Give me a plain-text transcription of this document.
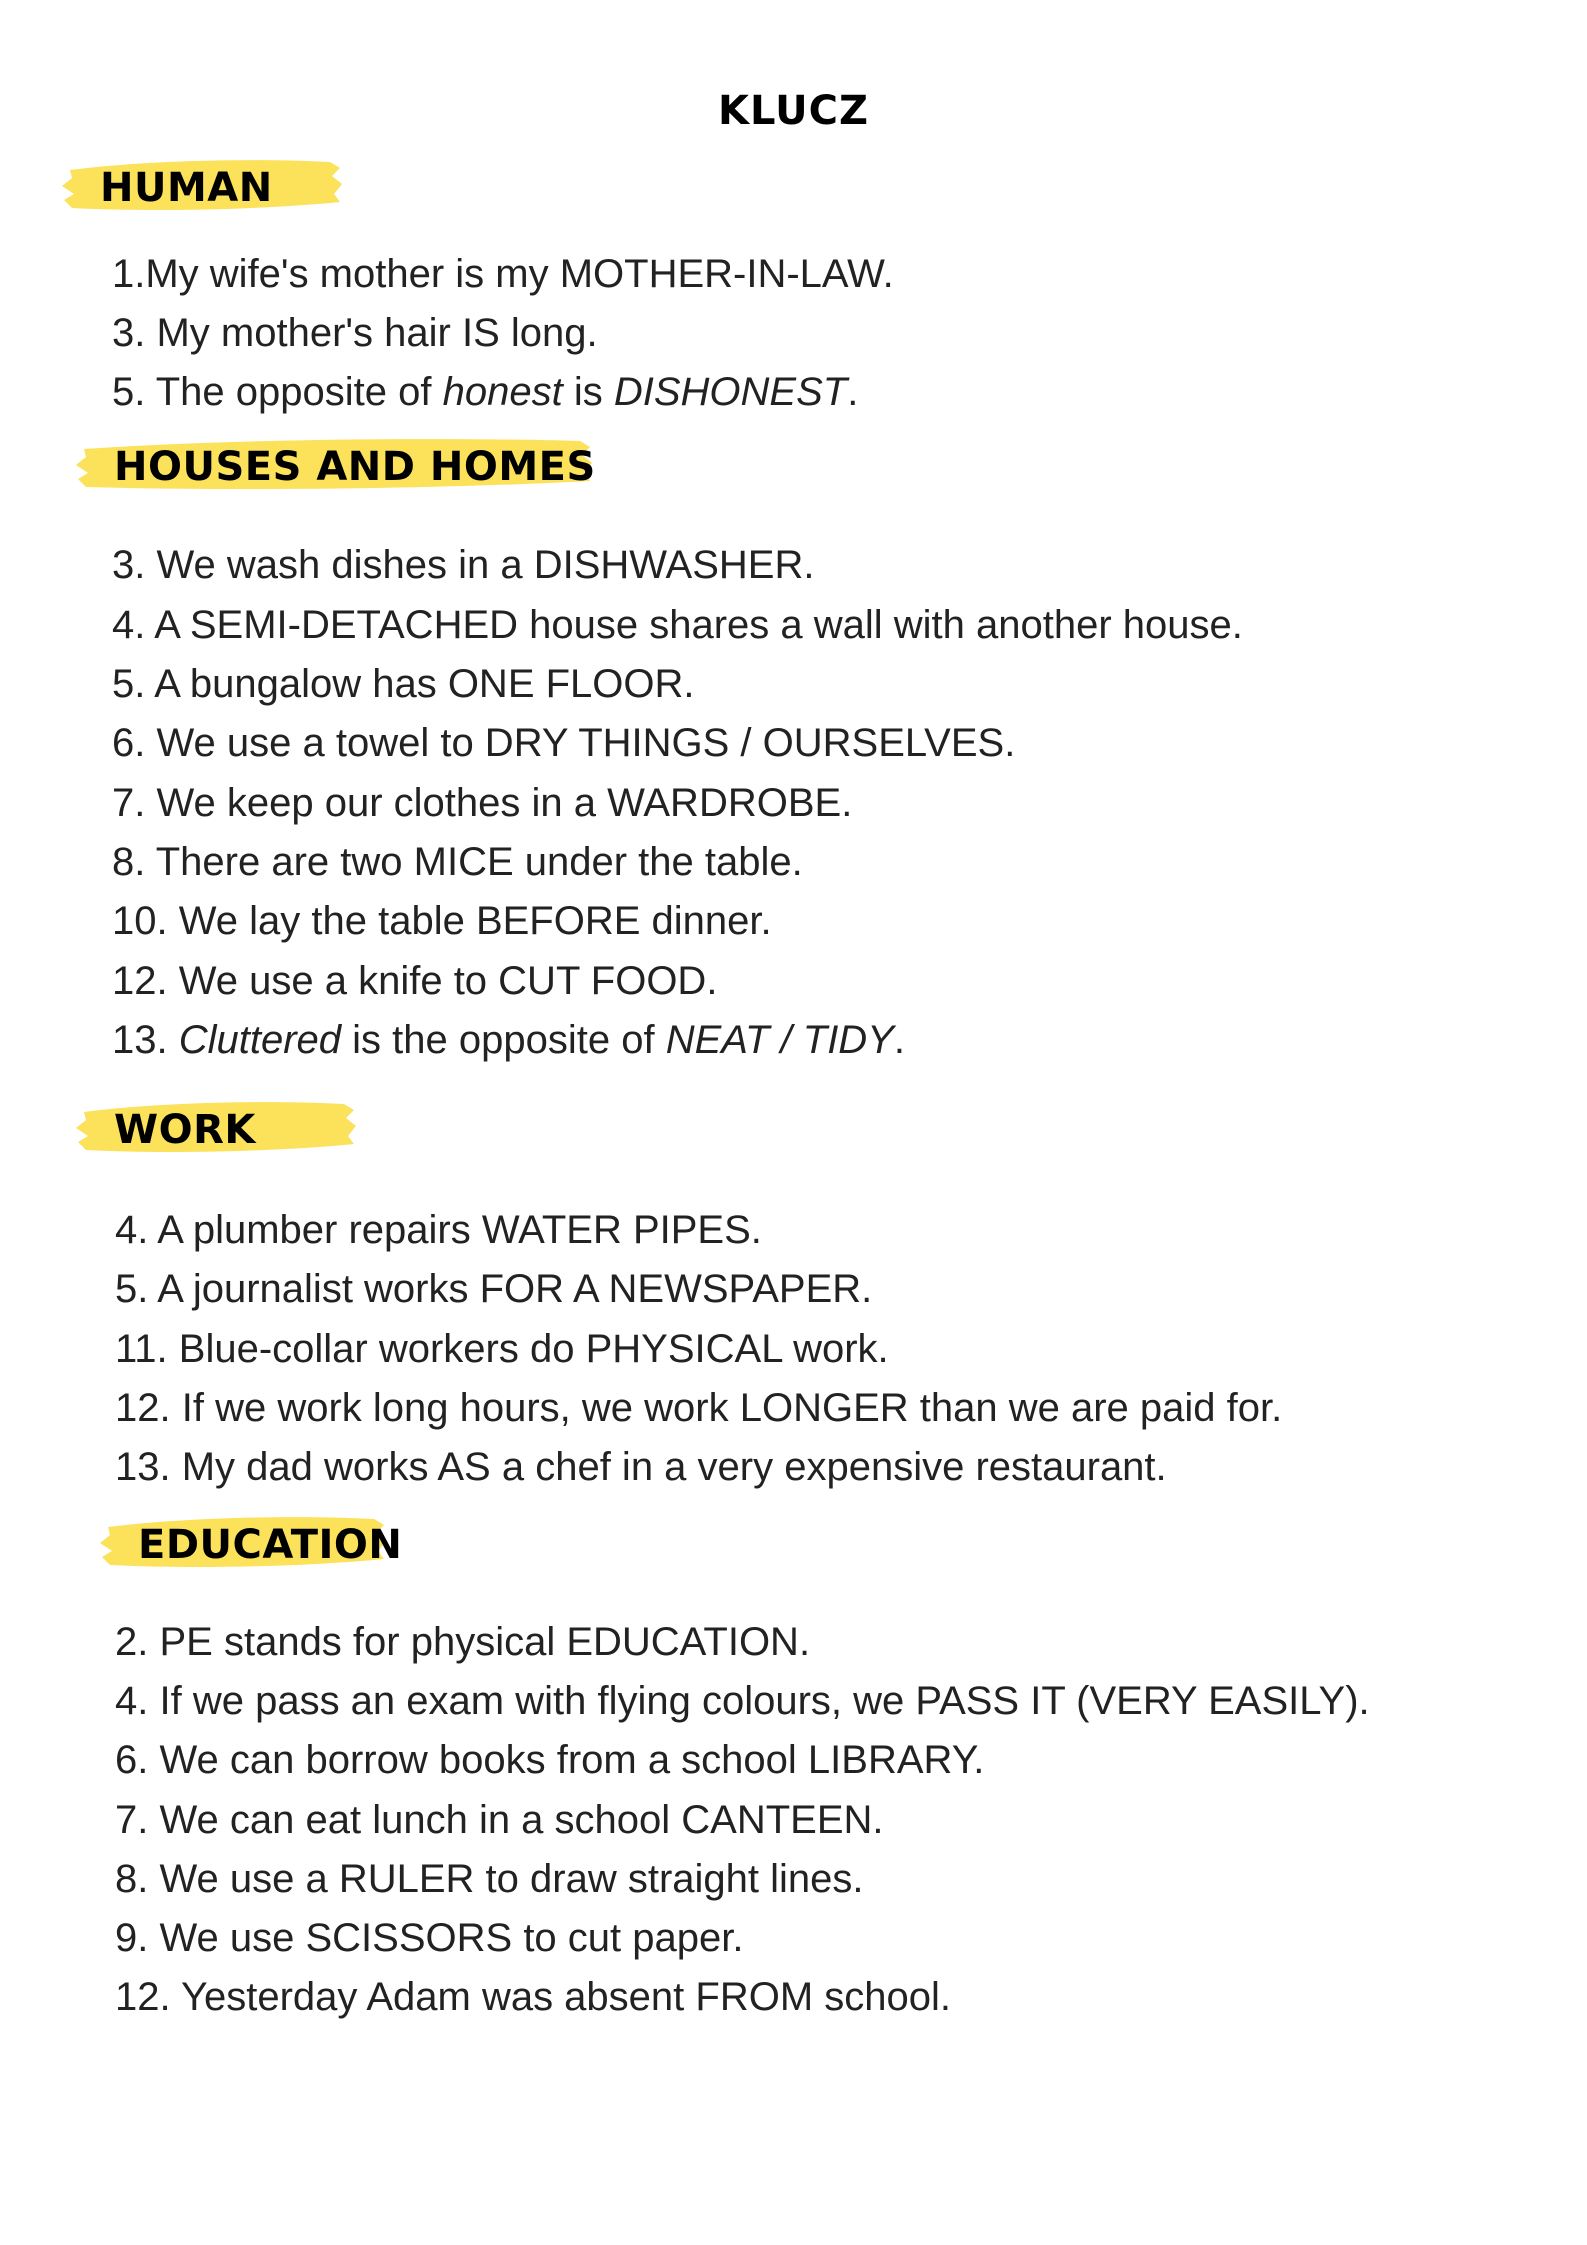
KLUCZ
HUMAN
1.My wife's mother is my MOTHER-IN-LAW.
3. My mother's hair IS long.
5. The opposite of honest is DISHONEST.
HOUSES AND HOMES
3. We wash dishes in a DISHWASHER.
4. A SEMI-DETACHED house shares a wall with another house.
5. A bungalow has ONE FLOOR.
6. We use a towel to DRY THINGS / OURSELVES.
7. We keep our clothes in a WARDROBE.
8. There are two MICE under the table.
10. We lay the table BEFORE dinner.
12. We use a knife to CUT FOOD.
13. Cluttered is the opposite of NEAT / TIDY.
WORK
4. A plumber repairs WATER PIPES.
5. A journalist works FOR A NEWSPAPER.
11. Blue-collar workers do PHYSICAL work.
12. If we work long hours, we work LONGER than we are paid for.
13. My dad works AS a chef in a very expensive restaurant.
EDUCATION
2. PE stands for physical EDUCATION.
4. If we pass an exam with flying colours, we PASS IT (VERY EASILY).
6. We can borrow books from a school LIBRARY.
7. We can eat lunch in a school CANTEEN.
8. We use a RULER to draw straight lines.
9. We use SCISSORS to cut paper.
12. Yesterday Adam was absent FROM school.
